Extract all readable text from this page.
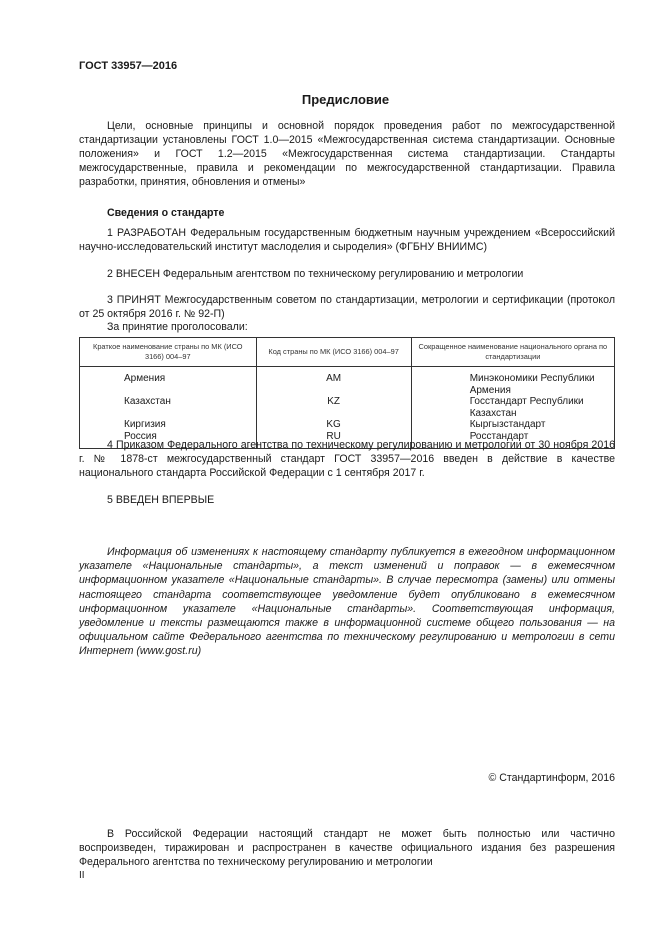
ГОСТ 33957—2016
Предисловие
Цели, основные принципы и основной порядок проведения работ по межгосударственной стандартизации установлены ГОСТ 1.0—2015 «Межгосударственная система стандартизации. Основные положения» и ГОСТ 1.2—2015 «Межгосударственная система стандартизации. Стандарты межгосударственные, правила и рекомендации по межгосударственной стандартизации. Правила разработки, принятия, обновления и отмены»
Сведения о стандарте
1 РАЗРАБОТАН Федеральным государственным бюджетным научным учреждением «Всероссийский научно-исследовательский институт маслоделия и сыроделия» (ФГБНУ ВНИИМС)
2 ВНЕСЕН Федеральным агентством по техническому регулированию и метрологии
3 ПРИНЯТ Межгосударственным советом по стандартизации, метрологии и сертификации (протокол от 25 октября 2016 г. № 92-П)
За принятие проголосовали:
Краткое наименование страны по МК (ИСО 3166) 004–97	Код страны по МК (ИСО 3166) 004–97	Сокращенное наименование национального органа по стандартизации
Армения	AM	Минэкономики Республики Армения
Казахстан	KZ	Госстандарт Республики Казахстан
Киргизия	KG	Кыргызстандарт
Россия	RU	Росстандарт
4 Приказом Федерального агентства по техническому регулированию и метрологии от 30 ноября 2016 г. № 1878-ст межгосударственный стандарт ГОСТ 33957—2016 введен в действие в качестве национального стандарта Российской Федерации с 1 сентября 2017 г.
5 ВВЕДЕН ВПЕРВЫЕ
Информация об изменениях к настоящему стандарту публикуется в ежегодном информационном указателе «Национальные стандарты», а текст изменений и поправок — в ежемесячном информационном указателе «Национальные стандарты». В случае пересмотра (замены) или отмены настоящего стандарта соответствующее уведомление будет опубликовано в ежемесячном информационном указателе «Национальные стандарты». Соответствующая информация, уведомление и тексты размещаются также в информационной системе общего пользования — на официальном сайте Федерального агентства по техническому регулированию и метрологии в сети Интернет (www.gost.ru)
© Стандартинформ, 2016
В Российской Федерации настоящий стандарт не может быть полностью или частично воспроизведен, тиражирован и распространен в качестве официального издания без разрешения Федерального агентства по техническому регулированию и метрологии
II
